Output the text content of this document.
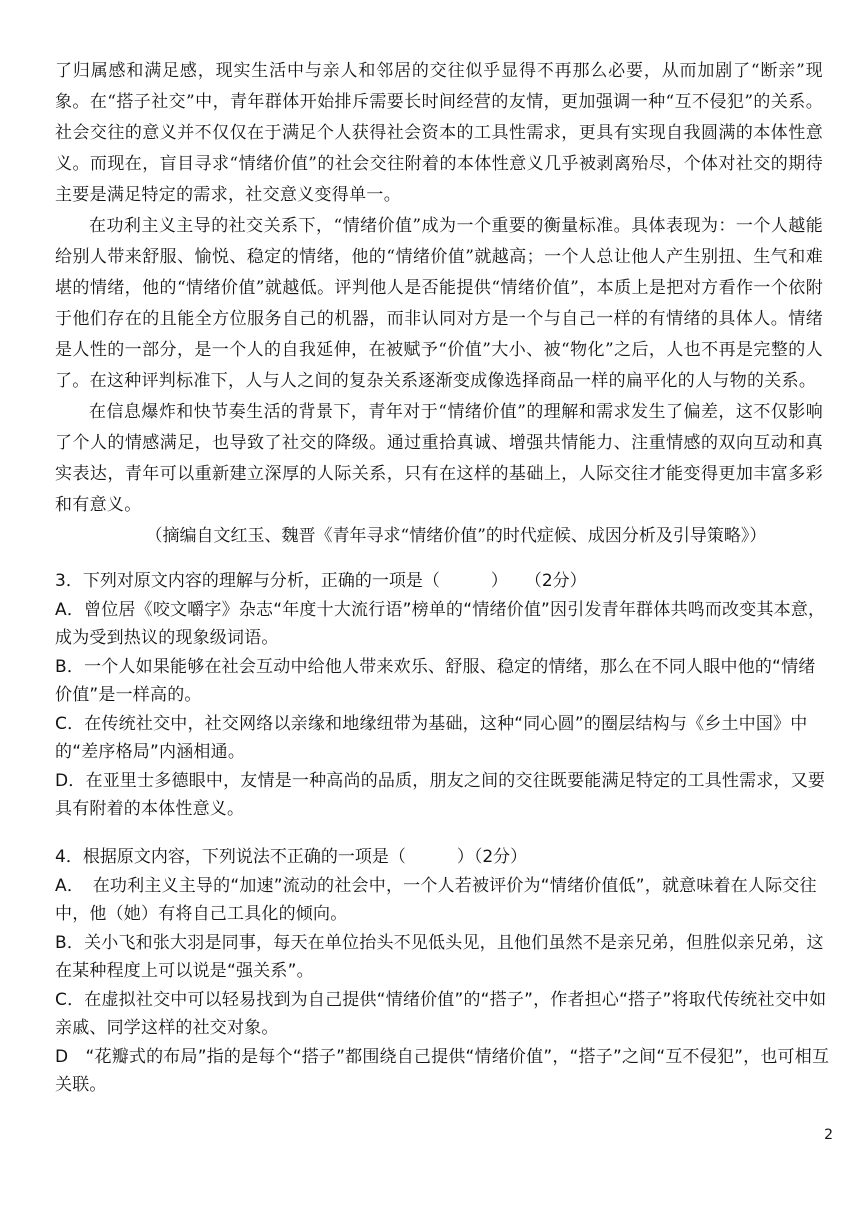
了归属感和满足感，现实生活中与亲人和邻居的交往似乎显得不再那么必要，从而加剧了“断亲”现象。在“搭子社交”中，青年群体开始排斥需要长时间经营的友情，更加强调一种“互不侵犯”的关系。社会交往的意义并不仅仅在于满足个人获得社会资本的工具性需求，更具有实现自我圆满的本体性意义。而现在，盲目寻求“情绪价值”的社会交往附着的本体性意义几乎被剥离殆尽，个体对社交的期待主要是满足特定的需求，社交意义变得单一。

在功利主义主导的社交关系下，“情绪价值”成为一个重要的衡量标准。具体表现为：一个人越能给别人带来舒服、愉悦、稳定的情绪，他的“情绪价值”就越高；一个人总让他人产生别扭、生气和难堪的情绪，他的“情绪价值”就越低。评判他人是否能提供“情绪价值”，本质上是把对方看作一个依附于他们存在的且能全方位服务自己的机器，而非认同对方是一个与自己一样的有情绪的具体人。情绪是人性的一部分，是一个人的自我延伸，在被赋予“价值”大小、被“物化”之后，人也不再是完整的人了。在这种评判标准下，人与人之间的复杂关系逐渐变成像选择商品一样的扁平化的人与物的关系。

在信息爆炸和快节奏生活的背景下，青年对于“情绪价值”的理解和需求发生了偏差，这不仅影响了个人的情感满足，也导致了社交的降级。通过重拾真诚、增强共情能力、注重情感的双向互动和真实表达，青年可以重新建立深厚的人际关系，只有在这样的基础上，人际交往才能变得更加丰富多彩和有意义。

（摘编自文红玉、魏晋《青年寻求“情绪价值”的时代症候、成因分析及引导策略》）

3．下列对原文内容的理解与分析，正确的一项是（　　　）　　（2分）

A．曾位居《咬文嚼字》杂志“年度十大流行语”榜单的“情绪价值”因引发青年群体共鸣而改变其本意，成为受到热议的现象级词语。

B．一个人如果能够在社会互动中给他人带来欢乐、舒服、稳定的情绪，那么在不同人眼中他的“情绪价值”是一样高的。

C．在传统社交中，社交网络以亲缘和地缘纽带为基础，这种“同心圆”的圈层结构与《乡土中国》中的“差序格局”内涵相通。

D．在亚里士多德眼中，友情是一种高尚的品质，朋友之间的交往既要能满足特定的工具性需求，又要具有附着的本体性意义。

4．根据原文内容，下列说法不正确的一项是（　　　）（2分）

A．　在功利主义主导的“加速”流动的社会中，一个人若被评价为“情绪价值低”，就意味着在人际交往中，他（她）有将自己工具化的倾向。

B．关小飞和张大羽是同事，每天在单位抬头不见低头见，且他们虽然不是亲兄弟，但胜似亲兄弟，这在某种程度上可以说是“强关系”。

C．在虚拟社交中可以轻易找到为自己提供“情绪价值”的“搭子”，作者担心“搭子”将取代传统社交中如亲戚、同学这样的社交对象。

D　“花瓣式的布局”指的是每个“搭子”都围绕自己提供“情绪价值”，“搭子”之间“互不侵犯”，也可相互关联。

2
